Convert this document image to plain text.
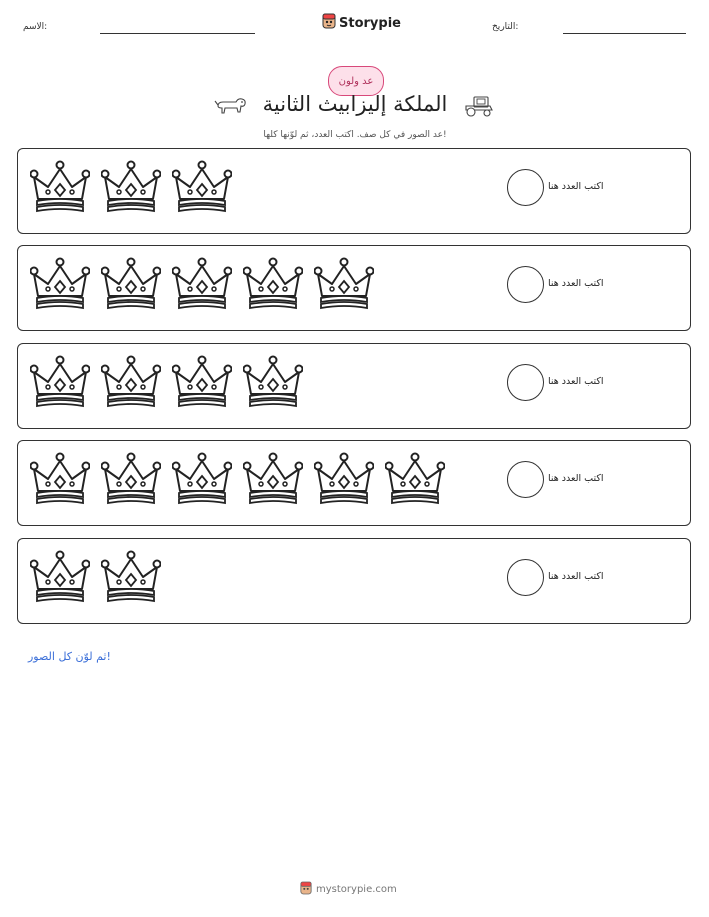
الاسم:	Storypie	التاريخ:
عد ولون
الملكة إليزابيث الثانية
عد الصور في كل صف. اكتب العدد، ثم لوّنها كلها!
اكتب العدد هنا
اكتب العدد هنا
اكتب العدد هنا
اكتب العدد هنا
اكتب العدد هنا
ثم لوّن كل الصور!
mystorypie.com
